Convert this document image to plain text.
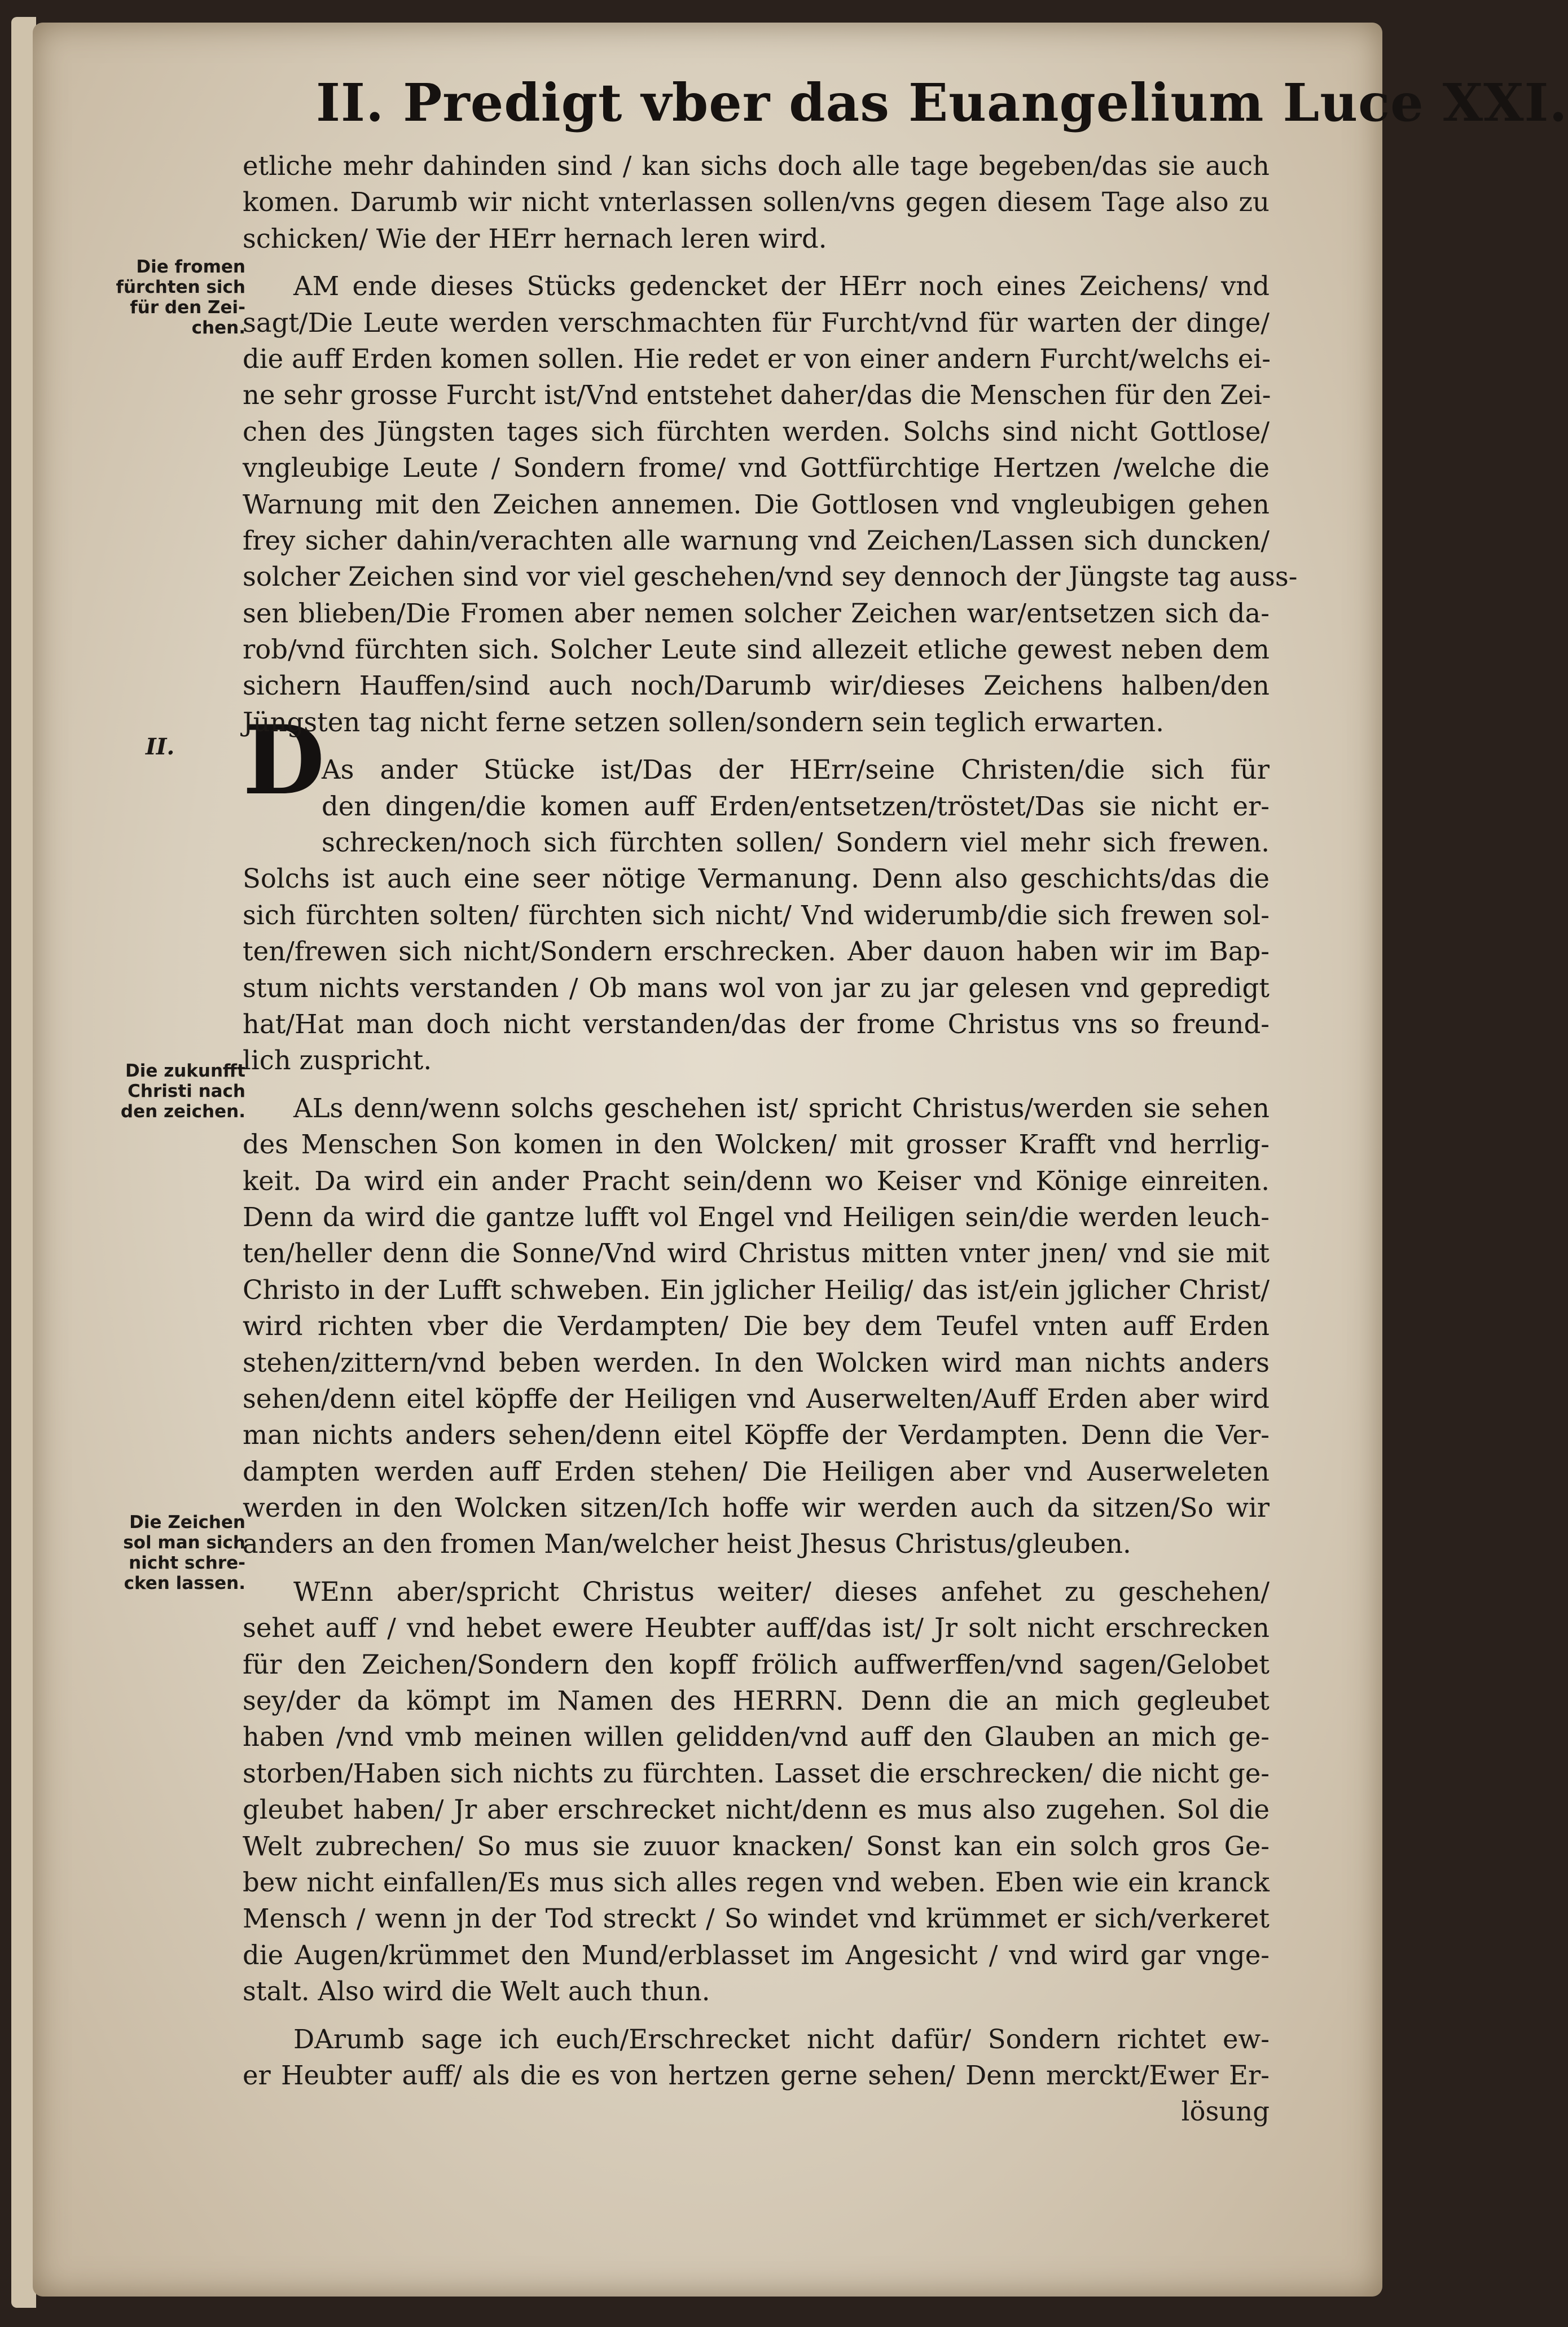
II. Predigt vber das Euangelium Luce XXI.
Die fromen
fürchten sich
für den Zei-
chen.
II.
Die zukunfft
Christi nach
den zeichen.
Die Zeichen
sol man sich
nicht schre-
cken lassen.
D
etliche mehr dahinden sind / kan sichs doch alle tage begeben/das sie auch
komen. Darumb wir nicht vnterlassen sollen/vns gegen diesem Tage also zu
schicken/ Wie der HErr hernach leren wird.
AM ende dieses Stücks gedencket der HErr noch eines Zeichens/ vnd
sagt/Die Leute werden verschmachten für Furcht/vnd für warten der dinge/
die auff Erden komen sollen. Hie redet er von einer andern Furcht/welchs ei-
ne sehr grosse Furcht ist/Vnd entstehet daher/das die Menschen für den Zei-
chen des Jüngsten tages sich fürchten werden. Solchs sind nicht Gottlose/
vngleubige Leute / Sondern frome/ vnd Gottfürchtige Hertzen /welche die
Warnung mit den Zeichen annemen. Die Gottlosen vnd vngleubigen gehen
frey sicher dahin/verachten alle warnung vnd Zeichen/Lassen sich duncken/
solcher Zeichen sind vor viel geschehen/vnd sey dennoch der Jüngste tag auss-
sen blieben/Die Fromen aber nemen solcher Zeichen war/entsetzen sich da-
rob/vnd fürchten sich. Solcher Leute sind allezeit etliche gewest neben dem
sichern Hauffen/sind auch noch/Darumb wir/dieses Zeichens halben/den
Jüngsten tag nicht ferne setzen sollen/sondern sein teglich erwarten.
As ander Stücke ist/Das der HErr/seine Christen/die sich für
den dingen/die komen auff Erden/entsetzen/tröstet/Das sie nicht er-
schrecken/noch sich fürchten sollen/ Sondern viel mehr sich frewen.
Solchs ist auch eine seer nötige Vermanung. Denn also geschichts/das die
sich fürchten solten/ fürchten sich nicht/ Vnd widerumb/die sich frewen sol-
ten/frewen sich nicht/Sondern erschrecken. Aber dauon haben wir im Bap-
stum nichts verstanden / Ob mans wol von jar zu jar gelesen vnd gepredigt
hat/Hat man doch nicht verstanden/das der frome Christus vns so freund-
lich zuspricht.
ALs denn/wenn solchs geschehen ist/ spricht Christus/werden sie sehen
des Menschen Son komen in den Wolcken/ mit grosser Krafft vnd herrlig-
keit. Da wird ein ander Pracht sein/denn wo Keiser vnd Könige einreiten.
Denn da wird die gantze lufft vol Engel vnd Heiligen sein/die werden leuch-
ten/heller denn die Sonne/Vnd wird Christus mitten vnter jnen/ vnd sie mit
Christo in der Lufft schweben. Ein jglicher Heilig/ das ist/ein jglicher Christ/
wird richten vber die Verdampten/ Die bey dem Teufel vnten auff Erden
stehen/zittern/vnd beben werden. In den Wolcken wird man nichts anders
sehen/denn eitel köpffe der Heiligen vnd Auserwelten/Auff Erden aber wird
man nichts anders sehen/denn eitel Köpffe der Verdampten. Denn die Ver-
dampten werden auff Erden stehen/ Die Heiligen aber vnd Auserweleten
werden in den Wolcken sitzen/Ich hoffe wir werden auch da sitzen/So wir
anders an den fromen Man/welcher heist Jhesus Christus/gleuben.
WEnn aber/spricht Christus weiter/ dieses anfehet zu geschehen/
sehet auff / vnd hebet ewere Heubter auff/das ist/ Jr solt nicht erschrecken
für den Zeichen/Sondern den kopff frölich auffwerffen/vnd sagen/Gelobet
sey/der da kömpt im Namen des HERRN. Denn die an mich gegleubet
haben /vnd vmb meinen willen gelidden/vnd auff den Glauben an mich ge-
storben/Haben sich nichts zu fürchten. Lasset die erschrecken/ die nicht ge-
gleubet haben/ Jr aber erschrecket nicht/denn es mus also zugehen. Sol die
Welt zubrechen/ So mus sie zuuor knacken/ Sonst kan ein solch gros Ge-
bew nicht einfallen/Es mus sich alles regen vnd weben. Eben wie ein kranck
Mensch / wenn jn der Tod streckt / So windet vnd krümmet er sich/verkeret
die Augen/krümmet den Mund/erblasset im Angesicht / vnd wird gar vnge-
stalt. Also wird die Welt auch thun.
DArumb sage ich euch/Erschrecket nicht dafür/ Sondern richtet ew-
er Heubter auff/ als die es von hertzen gerne sehen/ Denn merckt/Ewer Er-
lösung
